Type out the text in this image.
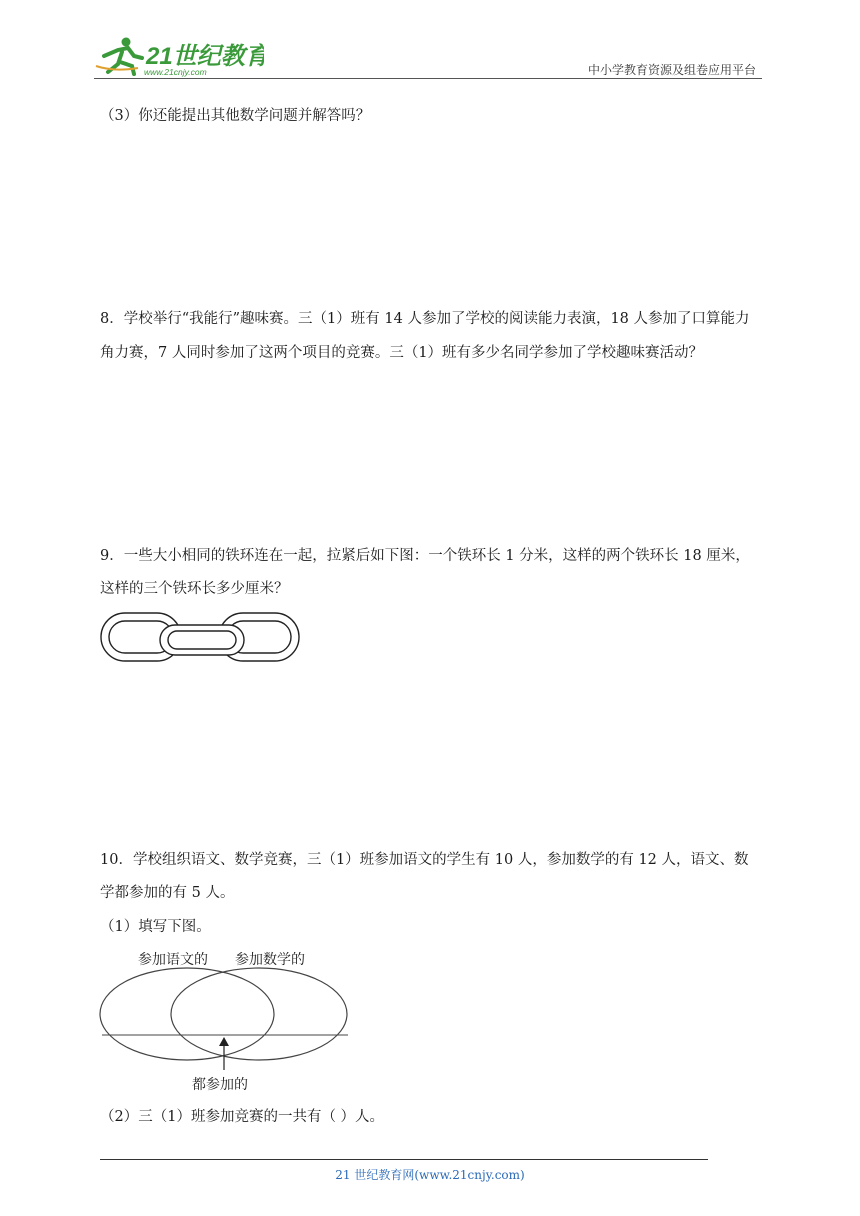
21世纪教育
www.21cnjy.com	中小学教育资源及组卷应用平台
（3）你还能提出其他数学问题并解答吗？
8．学校举行“我能行”趣味赛。三（1）班有 14 人参加了学校的阅读能力表演，18 人参加了口算能力
角力赛，7 人同时参加了这两个项目的竞赛。三（1）班有多少名同学参加了学校趣味赛活动？
9．一些大小相同的铁环连在一起，拉紧后如下图：一个铁环长 1 分米，这样的两个铁环长 18 厘米，
这样的三个铁环长多少厘米？
10．学校组织语文、数学竞赛，三（1）班参加语文的学生有 10 人，参加数学的有 12 人，语文、数
学都参加的有 5 人。
（1）填写下图。
参加语文的 参加数学的
都参加的
（2）三（1）班参加竞赛的一共有（ ）人。
21 世纪教育网(www.21cnjy.com)
